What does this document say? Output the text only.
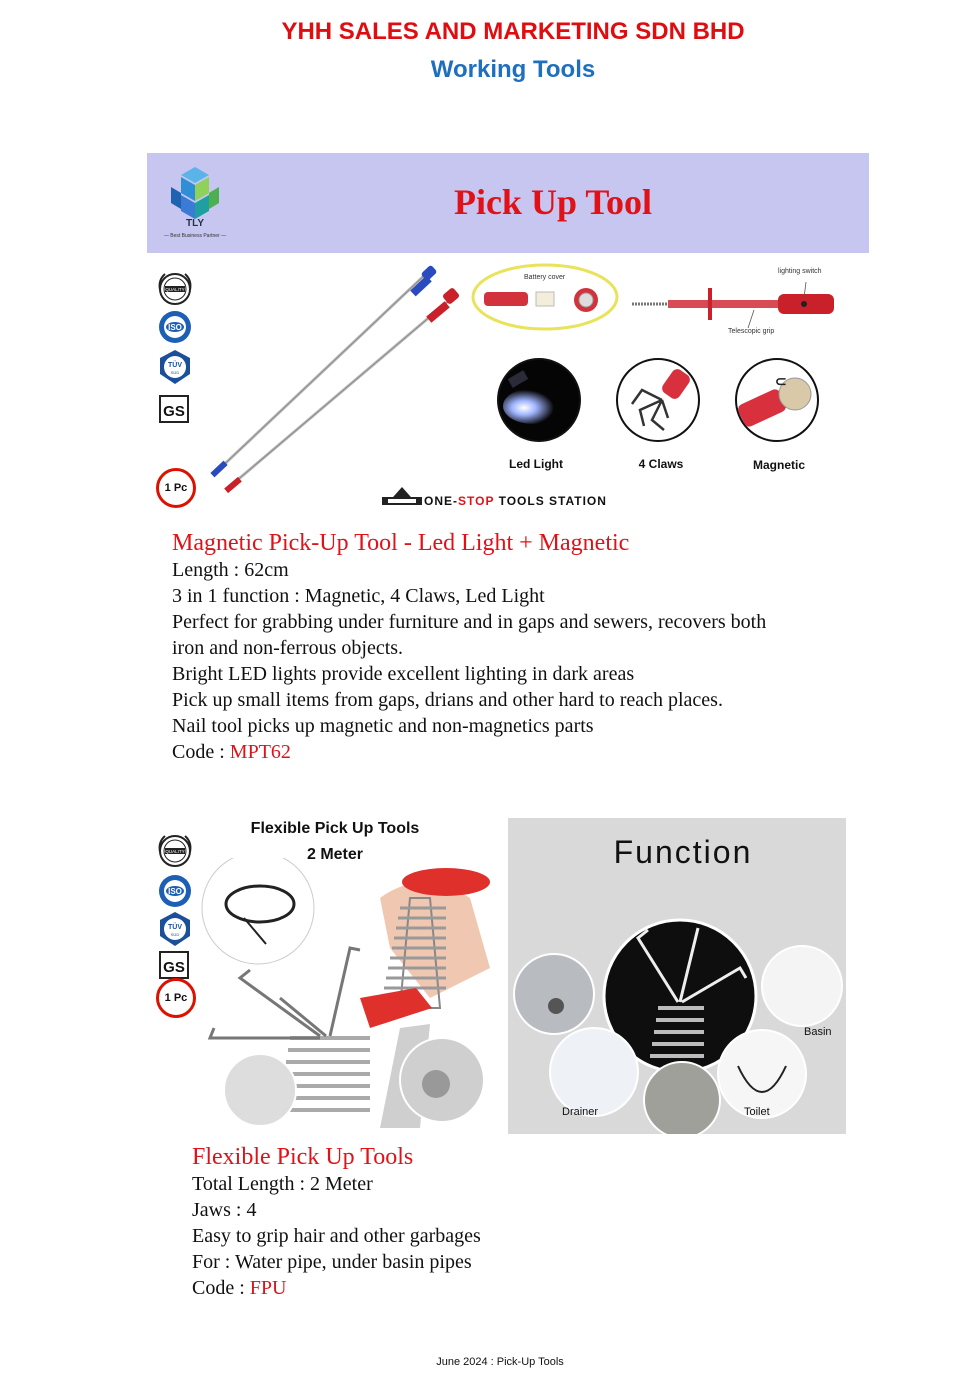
YHH SALES AND MARKETING SDN BHD
Working Tools
TLY
— Best Business Partner —
Pick Up Tool
QUALITY
ISO
TÜV
SÜD
GS
1 Pc
Battery cover
lighting switch
Telescopic grip
⊂
Led Light	4 Claws	Magnetic
ONE-STOP TOOLS STATION
Magnetic Pick-Up Tool - Led Light + Magnetic
Length : 62cm
3 in 1 function : Magnetic, 4 Claws, Led Light
Perfect for grabbing under furniture and in gaps and sewers, recovers both
iron and non-ferrous objects.
Bright LED lights provide excellent lighting in dark areas
Pick up small items from gaps, drians and other hard to reach places.
Nail tool picks up magnetic and non-magnetics parts
Code : MPT62
QUALITY
ISO
TÜV
SÜD
GS
1 Pc
Flexible Pick Up Tools
2 Meter	Function
Basin
Drainer	Toilet
Flexible Pick Up Tools
Total Length : 2 Meter
Jaws : 4
Easy to grip hair and other garbages
For : Water pipe, under basin pipes
Code : FPU
June 2024 : Pick-Up Tools
